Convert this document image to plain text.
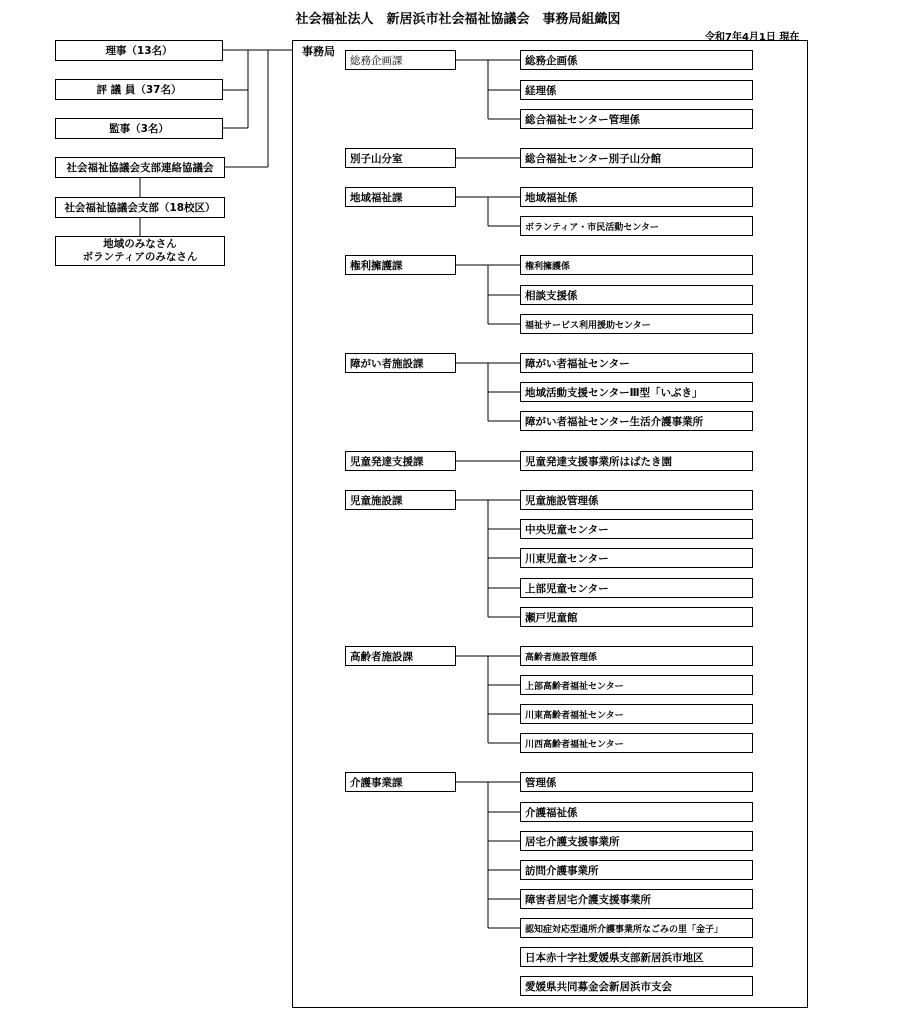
社会福祉法人　新居浜市社会福祉協議会　事務局組織図
令和7年4月1日 現在
理事（13名）
評 議 員（37名）
監事（3名）
社会福祉協議会支部連絡協議会
社会福祉協議会支部（18校区）
地域のみなさん
ボランティアのみなさん
事務局
総務企画課
別子山分室
地域福祉課
権利擁護課
障がい者施設課
児童発達支援課
児童施設課
高齢者施設課
介護事業課
総務企画係
経理係
総合福祉センター管理係
総合福祉センター別子山分館
地域福祉係
ボランティア・市民活動センター
権利擁護係
相談支援係
福祉サービス利用援助センター
障がい者福祉センター
地域活動支援センターⅢ型「いぶき」
障がい者福祉センター生活介護事業所
児童発達支援事業所はばたき園
児童施設管理係
中央児童センター
川東児童センター
上部児童センター
瀬戸児童館
高齢者施設管理係
上部高齢者福祉センター
川東高齢者福祉センター
川西高齢者福祉センター
管理係
介護福祉係
居宅介護支援事業所
訪問介護事業所
障害者居宅介護支援事業所
認知症対応型通所介護事業所なごみの里「金子」
日本赤十字社愛媛県支部新居浜市地区
愛媛県共同募金会新居浜市支会
